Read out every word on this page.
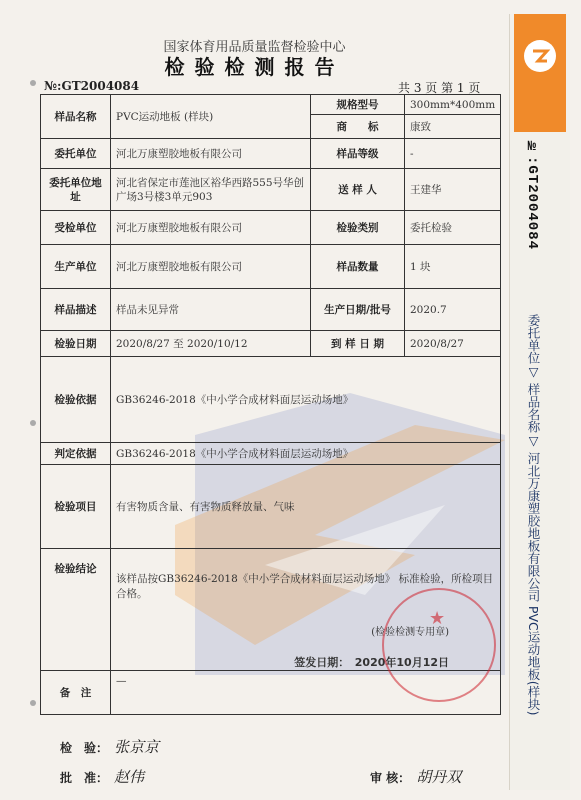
№:GT2004084
委托单位▽ 样品名称▽ 河北万康塑胶地板有限公司 PVC运动地板(样块)
国家体育用品质量监督检验中心
检验检测报告
№:GT2004084	共 3 页 第 1 页
样品名称	PVC运动地板 (样块)	规格型号	300mm*400mm
		商　　标	康致
委托单位	河北万康塑胶地板有限公司	样品等级	-
委托单位地址	河北省保定市莲池区裕华西路555号华创广场3号楼3单元903	送 样 人	王建华
受检单位	河北万康塑胶地板有限公司	检验类别	委托检验
生产单位	河北万康塑胶地板有限公司	样品数量	1 块
样品描述	样品未见异常	生产日期/批号	2020.7
检验日期	2020/8/27 至 2020/10/12	到 样 日 期	2020/8/27
检验依据	GB36246-2018《中小学合成材料面层运动场地》		
判定依据	GB36246-2018《中小学合成材料面层运动场地》		
检验项目	有害物质含量、有害物质释放量、气味		
检验结论	该样品按GB36246-2018《中小学合成材料面层运动场地》 标准检验，所检项目合格。
(检验检测专用章)
签发日期：　2020年10月12日		

备　注	—		
★
检　验： 张京京
批　准： 赵伟	审 核： 胡丹双
